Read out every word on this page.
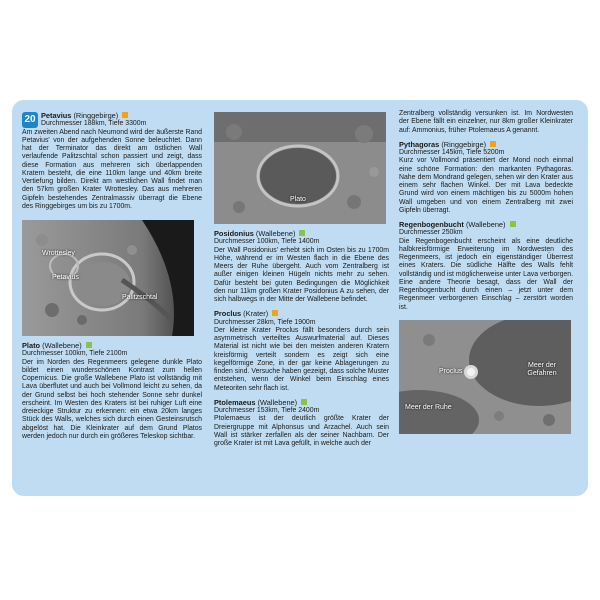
20 Petavius (Ringgebirge)
Durchmesser 188km, Tiefe 3300m

Am zweiten Abend nach Neumond wird der äußerste Rand Petavius' von der aufgehenden Sonne beleuchtet. Dann hat der Terminator das direkt am östlichen Wall verlaufende Palitzschtal schon passiert und zeigt, dass diese Formation aus mehreren sich überlappenden Kratern besteht, die eine 110km lange und 40km breite Vertiefung bilden. Direkt am westlichen Wall findet man den 57km großen Krater Wrottesley. Das aus mehreren Gipfeln bestehendes Zentralmassiv überragt die Ebene des Ringgebirges um bis zu 1700m.

Wrottesley
Petavius
Palitzschtal
Plato (Wallebene)
Durchmesser 100km, Tiefe 2100m

Der im Norden des Regenmeers gelegene dunkle Plato bildet einen wunderschönen Kontrast zum hellen Copernicus. Die große Wallebene Plato ist vollständig mit Lava überflutet und auch bei Vollmond leicht zu sehen, da der Grund selbst bei hoch stehender Sonne sehr dunkel erscheint. Im Westen des Kraters ist bei ruhiger Luft eine dreieckige Struktur zu erkennen: ein etwa 20km langes Stück des Walls, welches sich durch einen Gesteinsrutsch abgelöst hat. Die Kleinkrater auf dem Grund Platos werden jedoch nur durch ein größeres Teleskop sichtbar.

Plato
Posidonius (Wallebene)
Durchmesser 100km, Tiefe 1400m

Der Wall Posidonius' erhebt sich im Osten bis zu 1700m Höhe, während er im Westen flach in die Ebene des Meers der Ruhe übergeht. Auch vom Zentralberg ist außer einigen kleinen Hügeln nichts mehr zu sehen. Dafür besteht bei guten Bedingungen die Möglichkeit den nur 11km großen Krater Posidonius A zu sehen, der sich halbwegs in der Mitte der Wallebene befindet.

Proclus (Krater)
Durchmesser 28km, Tiefe 1900m

Der kleine Krater Proclus fällt besonders durch sein asymmetrisch verteiltes Auswurfmaterial auf. Dieses Material ist nicht wie bei den meisten anderen Kratern kreisförmig verteilt sondern es zeigt sich eine kegelförmige Zone, in der gar keine Ablagerungen zu finden sind. Versuche haben gezeigt, dass solche Muster entstehen, wenn der Winkel beim Einschlag eines Meteoriten sehr flach ist.

Ptolemaeus (Wallebene)
Durchmesser 153km, Tiefe 2400m

Ptolemaeus ist der deutlich größte Krater der Dreiergruppe mit Alphonsus und Arzachel. Auch sein Wall ist stärker zerfallen als der seiner Nachbarn. Der große Krater ist mit Lava gefüllt, in welche auch der

Zentralberg vollständig versunken ist. Im Nordwesten der Ebene fällt ein einzelner, nur 8km großer Kleinkrater auf: Ammonius, früher Ptolemaeus A genannt.

Pythagoras (Ringgebirge)
Durchmesser 145km, Tiefe 5200m

Kurz vor Vollmond präsentiert der Mond noch einmal eine schöne Formation: den markanten Pythagoras. Nahe dem Mondrand gelegen, sehen wir den Krater aus einem sehr flachen Winkel. Der mit Lava bedeckte Grund wird von einem mächtigen bis zu 5000m hohen Wall umgeben und von einem Zentralberg mit zwei Gipfeln überragt.

Regenbogenbucht (Wallebene)
Durchmesser 250km

Die Regenbogenbucht erscheint als eine deutliche halbkreisförmige Erweiterung im Nordwesten des Regenmeers, ist jedoch ein eigenständiger Überrest eines Kraters. Die südliche Hälfte des Walls fehlt vollständig und ist möglicherweise unter Lava verborgen. Eine andere Theorie besagt, dass der Wall der Regenbogenbucht durch einen – jetzt unter dem Regenmeer verborgenen Einschlag – zerstört worden ist.

Proclus
Meer der Gefahren
Meer der Ruhe
